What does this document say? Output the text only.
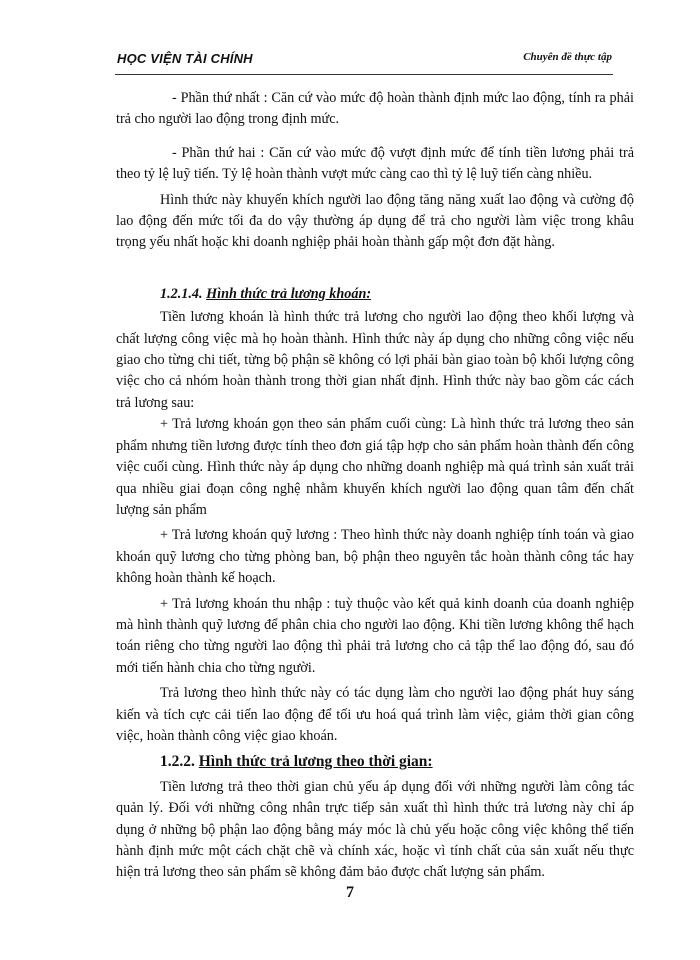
HỌC VIỆN TÀI CHÍNH	Chuyên đề thực tập

- Phần thứ nhất : Căn cứ vào mức độ hoàn thành định mức lao động, tính ra phải trả cho người lao động trong định mức.

- Phần thứ hai : Căn cứ vào mức độ vượt định mức để tính tiền lương phải trả theo tỷ lệ luỹ tiến. Tỷ lệ hoàn thành vượt mức càng cao thì tỷ lệ luỹ tiến càng nhiều.

Hình thức này khuyến khích người lao động tăng năng xuất lao động và cường độ lao động đến mức tối đa do vậy thường áp dụng để trả cho người làm việc trong khâu trọng yếu nhất hoặc khi doanh nghiệp phải hoàn thành gấp một đơn đặt hàng.

1.2.1.4. Hình thức trả lương khoán:

Tiền lương khoán là hình thức trả lương cho người lao động theo khối lượng và chất lượng công việc mà họ hoàn thành. Hình thức này áp dụng cho những công việc nếu giao cho từng chi tiết, từng bộ phận sẽ không có lợi phải bàn giao toàn bộ khối lượng công việc cho cả nhóm hoàn thành trong thời gian nhất định. Hình thức này bao gồm các cách trả lương sau:

+ Trả lương khoán gọn theo sản phẩm cuối cùng: Là hình thức trả lương theo sản phẩm nhưng tiền lương được tính theo đơn giá tập hợp cho sản phẩm hoàn thành đến công việc cuối cùng. Hình thức này áp dụng cho những doanh nghiệp mà quá trình sản xuất trải qua nhiều giai đoạn công nghệ nhằm khuyến khích người lao động quan tâm đến chất lượng sản phẩm

+ Trả lương khoán quỹ lương : Theo hình thức này doanh nghiệp tính toán và giao khoán quỹ lương cho từng phòng ban, bộ phận theo nguyên tắc hoàn thành công tác hay không hoàn thành kế hoạch.

+ Trả lương khoán thu nhập : tuỳ thuộc vào kết quả kinh doanh của doanh nghiệp mà hình thành quỹ lương để phân chia cho người lao động. Khi tiền lương không thể hạch toán riêng cho từng người lao động thì phải trả lương cho cả tập thể lao động đó, sau đó mới tiến hành chia cho từng người.

Trả lương theo hình thức này có tác dụng làm cho người lao động phát huy sáng kiến và tích cực cải tiến lao động để tối ưu hoá quá trình làm việc, giảm thời gian công việc, hoàn thành công việc giao khoán.

1.2.2. Hình thức trả lương theo thời gian:

Tiền lương trả theo thời gian chủ yếu áp dụng đối với những người làm công tác quản lý. Đối với những công nhân trực tiếp sản xuất thì hình thức trả lương này chỉ áp dụng ở những bộ phận lao động bằng máy móc là chủ yếu hoặc công việc không thể tiến hành định mức một cách chặt chẽ và chính xác, hoặc vì tính chất của sản xuất nếu thực hiện trả lương theo sản phẩm sẽ không đảm bảo được chất lượng sản phẩm.

7
